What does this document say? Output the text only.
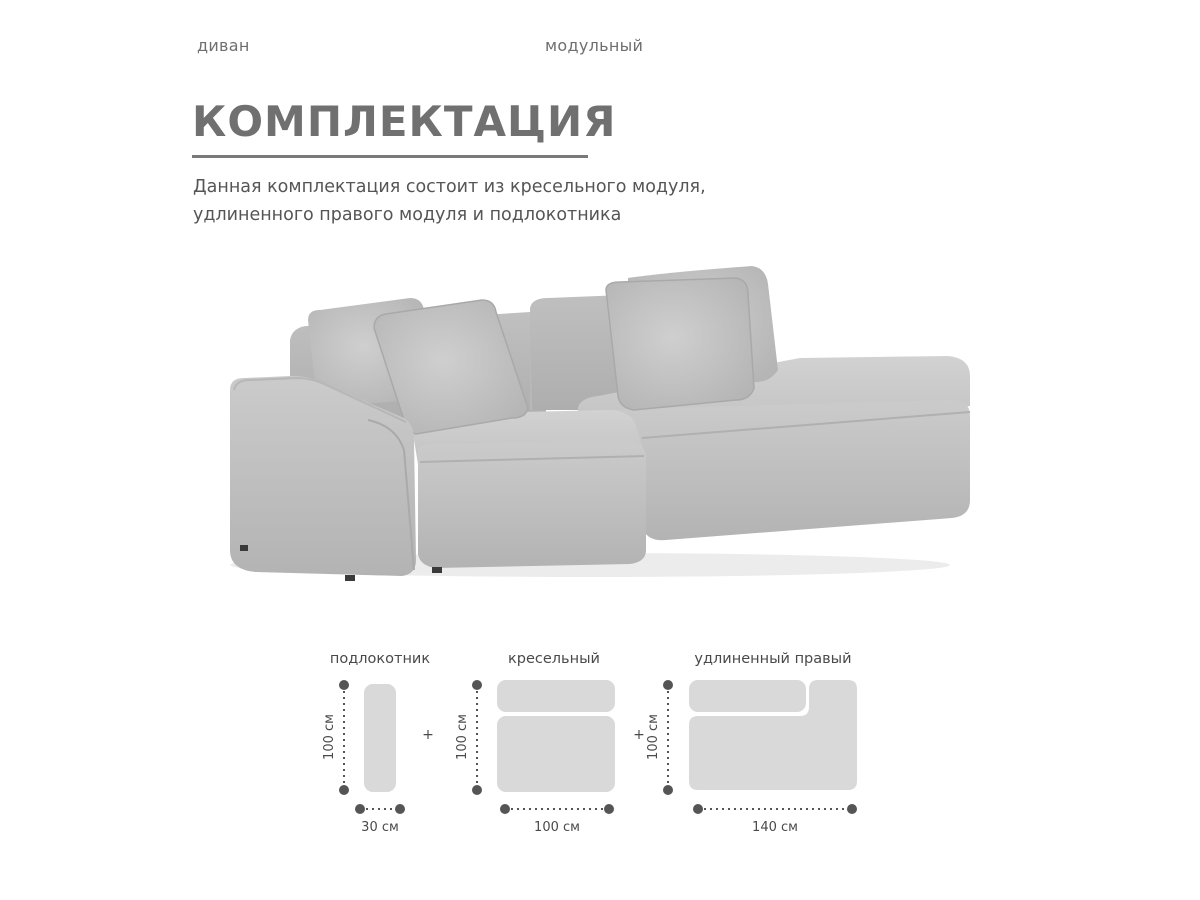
диван	модульный
КОМПЛЕКТАЦИЯ
Данная комплектация состоит из кресельного модуля,
удлиненного правого модуля и подлокотника
подлокотник
100 см
30 см
+
кресельный
100 см
100 см
+
удлиненный правый
100 см
140 см
